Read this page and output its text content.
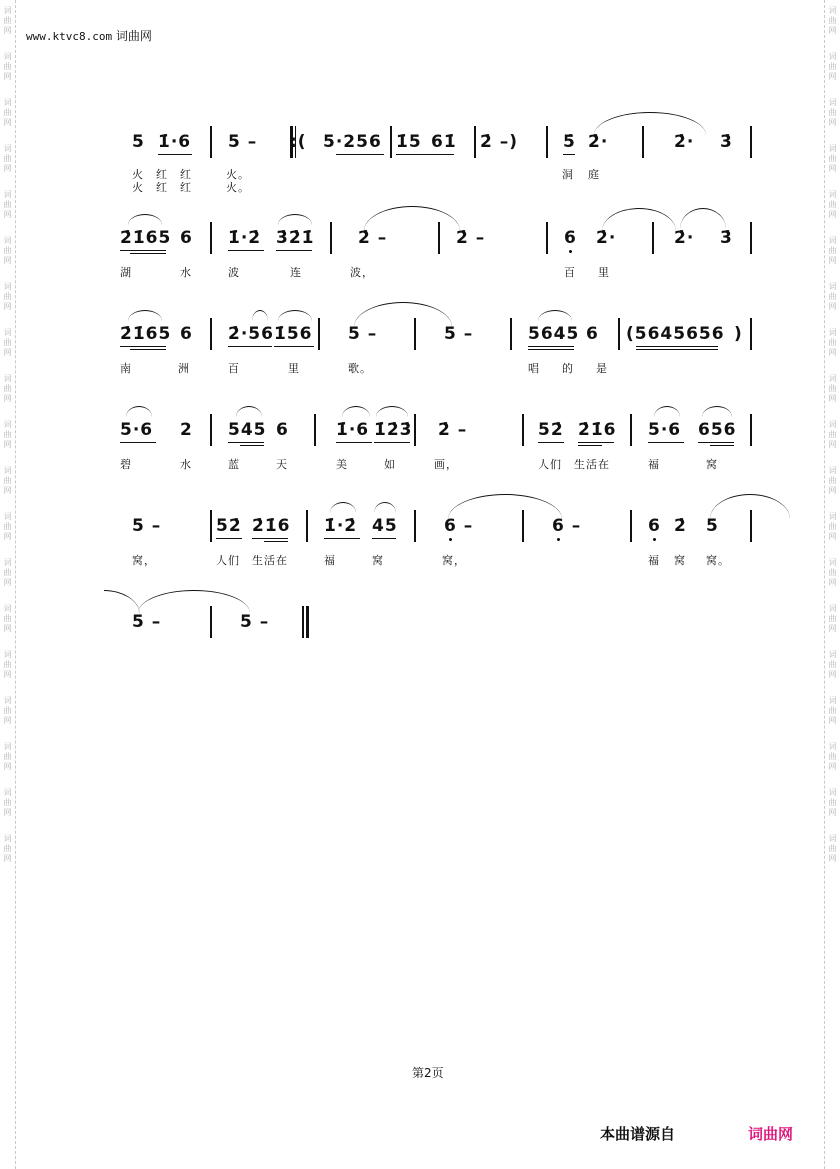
词
曲
网
词
曲
网
词
曲
网
词
曲
网
词
曲
网
词
曲
网
词
曲
网
词
曲
网
词
曲
网
词
曲
网
词
曲
网
词
曲
网
词
曲
网
词
曲
网
词
曲
网
词
曲
网
词
曲
网
词
曲
网
词
曲
网
词
曲
网
词
曲
网
词
曲
网
词
曲
网
词
曲
网
词
曲
网
词
曲
网
词
曲
网
词
曲
网
词
曲
网
词
曲
网
词
曲
网
词
曲
网
词
曲
网
词
曲
网
词
曲
网
词
曲
网
词
曲
网
词
曲
网
www.ktvc8.com 词曲网
5 1̇·6 5 – :( 5·256 1̇5 61̇ 2̇ –)	5̇ 2̇·	2̇· 3̇
火 红 红	火。	洞 庭
火 红 红	火。
2̇1̇65 6 1̇·2̇ 3̇2̇1̇	2̇ –	2̇ –	6 2̇·	2̇· 3̇
湖	水	波	连	波，	百 里
2̇1̇65 6 2̇·56 1̇56 5 –	5 –	5645 6 (5645656 )
南	洲	百	里	歌。	唱 的 是
5·6 2 545 6	1̇·6 1̇2̇3̇ 2̇ –	52̇ 2̇1̇6 5·6 656
碧	水	蓝	天	美	如	画，	人们 生活在	福	窝
5 –	52̇ 2̇1̇6 1̇·2̇ 45	6 –	6 –	6 2̇ 5
窝，	人们 生活在	福	窝	窝，	福 窝 窝。
5 –	5 –
第2页
本曲谱源自	词曲网
